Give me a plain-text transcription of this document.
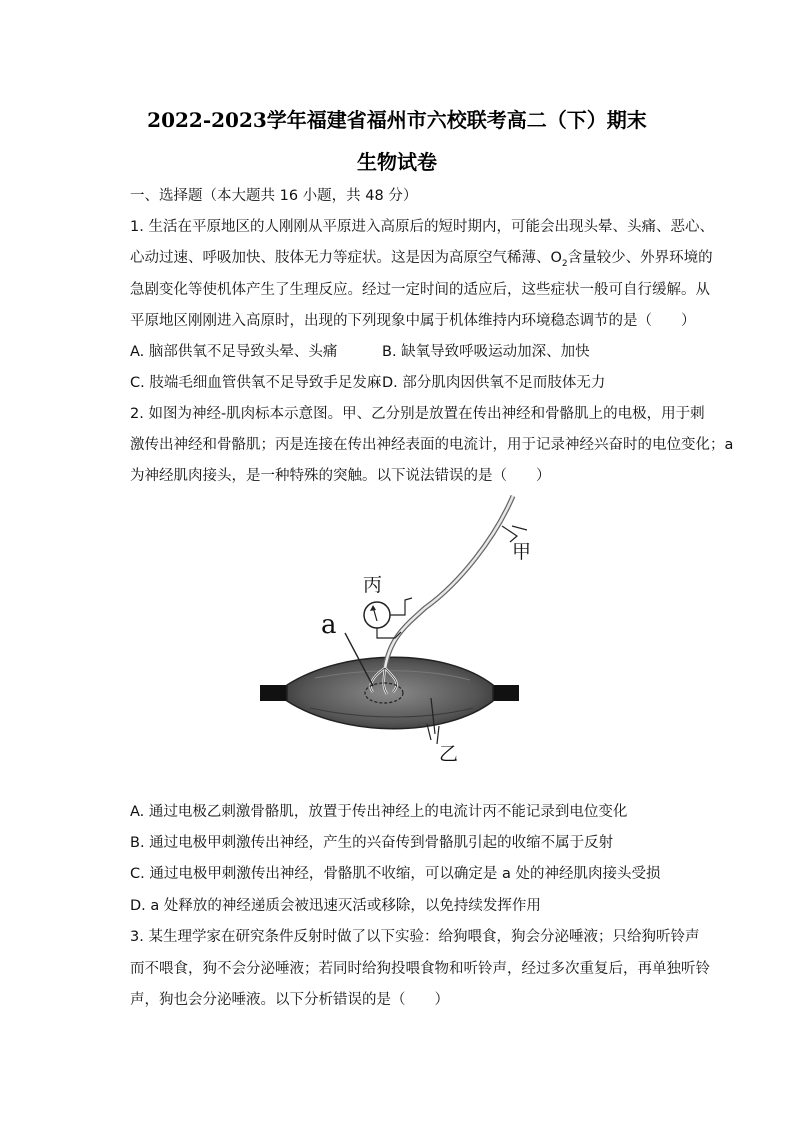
2022-2023学年福建省福州市六校联考高二（下）期末
生物试卷
一、选择题（本大题共 16 小题，共 48 分）
1. 生活在平原地区的人刚刚从平原进入高原后的短时期内，可能会出现头晕、头痛、恶心、
心动过速、呼吸加快、肢体无力等症状。这是因为高原空气稀薄、$O_2$含量较少、外界环境的
急剧变化等使机体产生了生理反应。经过一定时间的适应后，这些症状一般可自行缓解。从
平原地区刚刚进入高原时，出现的下列现象中属于机体维持内环境稳态调节的是（　　）
A. 脑部供氧不足导致头晕、头痛	B. 缺氧导致呼吸运动加深、加快
C. 肢端毛细血管供氧不足导致手足发麻 D. 部分肌肉因供氧不足而肢体无力
2. 如图为神经-肌肉标本示意图。甲、乙分别是放置在传出神经和骨骼肌上的电极，用于刺
激传出神经和骨骼肌；丙是连接在传出神经表面的电流计，用于记录神经兴奋时的电位变化；a
为神经肌肉接头，是一种特殊的突触。以下说法错误的是（　　）
甲
丙
a
乙
A. 通过电极乙刺激骨骼肌，放置于传出神经上的电流计丙不能记录到电位变化
B. 通过电极甲刺激传出神经，产生的兴奋传到骨骼肌引起的收缩不属于反射
C. 通过电极甲刺激传出神经，骨骼肌不收缩，可以确定是 a 处的神经肌肉接头受损
D. a 处释放的神经递质会被迅速灭活或移除，以免持续发挥作用
3. 某生理学家在研究条件反射时做了以下实验：给狗喂食，狗会分泌唾液；只给狗听铃声
而不喂食，狗不会分泌唾液；若同时给狗投喂食物和听铃声，经过多次重复后，再单独听铃
声，狗也会分泌唾液。以下分析错误的是（　　）
